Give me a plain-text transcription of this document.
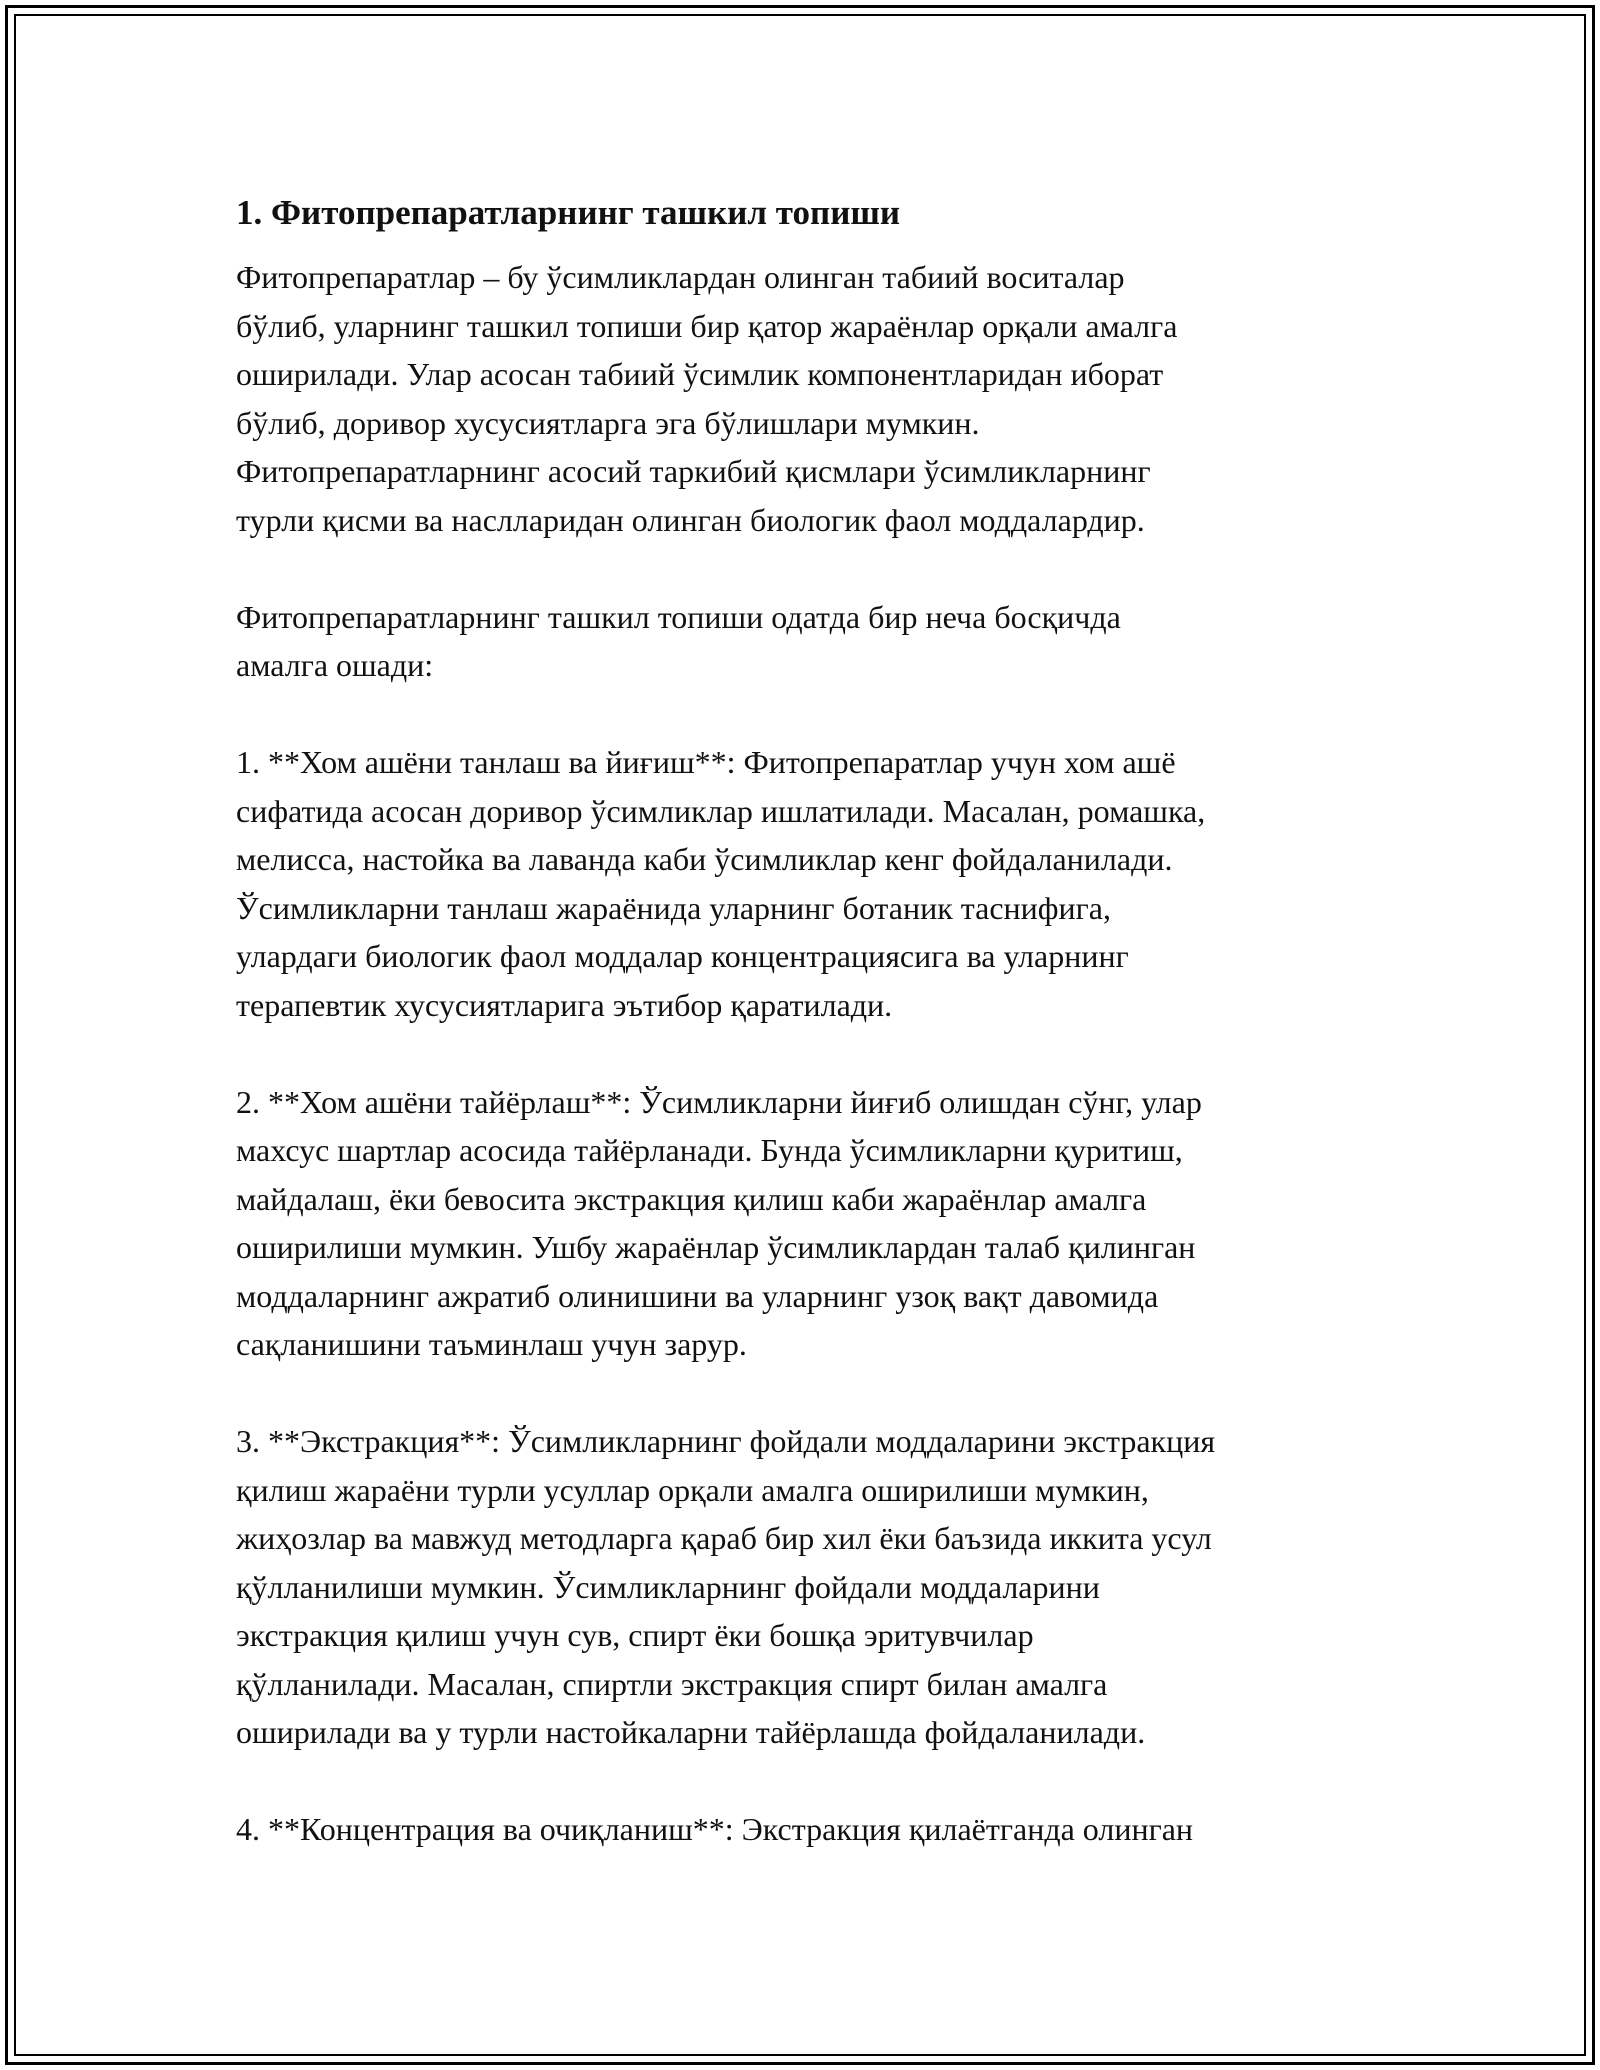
1. Фитопрепаратларнинг ташкил топиши

Фитопрепаратлар – бу ўсимликлардан олинган табиий воситалар
бўлиб, уларнинг ташкил топиши бир қатор жараёнлар орқали амалга
оширилади. Улар асосан табиий ўсимлик компонентларидан иборат
бўлиб, доривор хусусиятларга эга бўлишлари мумкин.
Фитопрепаратларнинг асосий таркибий қисмлари ўсимликларнинг
турли қисми ва наслларидан олинган биологик фаол моддалардир.

Фитопрепаратларнинг ташкил топиши одатда бир неча босқичда
амалга ошади:

1. **Хом ашёни танлаш ва йиғиш**: Фитопрепаратлар учун хом ашё
сифатида асосан доривор ўсимликлар ишлатилади. Масалан, ромашка,
мелисса, настойка ва лаванда каби ўсимликлар кенг фойдаланилади.
Ўсимликларни танлаш жараёнида уларнинг ботаник таснифига,
улардаги биологик фаол моддалар концентрациясига ва уларнинг
терапевтик хусусиятларига эътибор қаратилади.

2. **Хом ашёни тайёрлаш**: Ўсимликларни йиғиб олишдан сўнг, улар
махсус шартлар асосида тайёрланади. Бунда ўсимликларни қуритиш,
майдалаш, ёки бевосита экстракция қилиш каби жараёнлар амалга
оширилиши мумкин. Ушбу жараёнлар ўсимликлардан талаб қилинган
моддаларнинг ажратиб олинишини ва уларнинг узоқ вақт давомида
сақланишини таъминлаш учун зарур.

3. **Экстракция**: Ўсимликларнинг фойдали моддаларини экстракция
қилиш жараёни турли усуллар орқали амалга оширилиши мумкин,
жиҳозлар ва мавжуд методларга қараб бир хил ёки баъзида иккита усул
қўлланилиши мумкин. Ўсимликларнинг фойдали моддаларини
экстракция қилиш учун сув, спирт ёки бошқа эритувчилар
қўлланилади. Масалан, спиртли экстракция спирт билан амалга
оширилади ва у турли настойкаларни тайёрлашда фойдаланилади.

4. **Концентрация ва очиқланиш**: Экстракция қилаётганда олинган
